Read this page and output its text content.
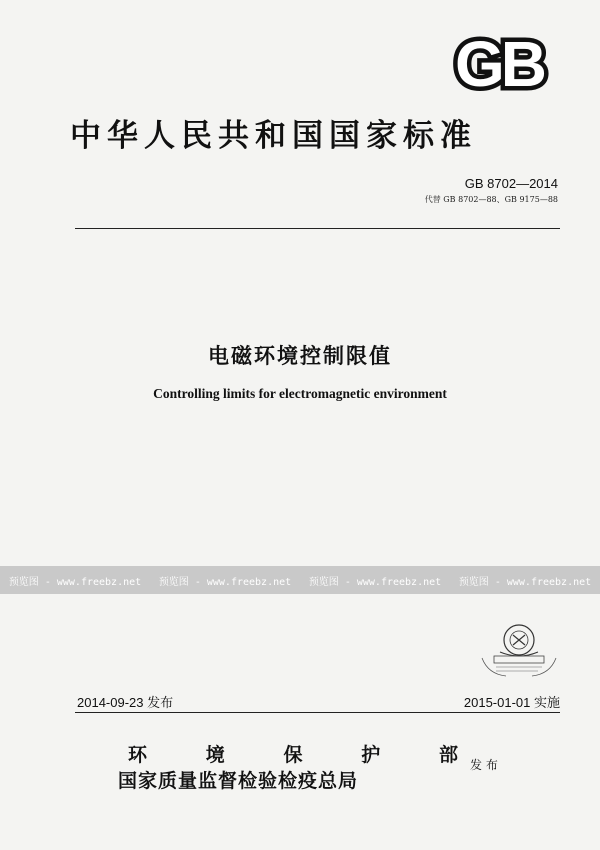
GB
中华人民共和国国家标准
GB 8702—2014
代替 GB 8702—88、GB 9175—88
电磁环境控制限值
Controlling limits for electromagnetic environment
预览图 - www.freebz.net 预览图 - www.freebz.net 预览图 - www.freebz.net 预览图 - www.freebz.net
2014-09-23 发布	2015-01-01 实施
环	境	保	护	部
国家质量监督检验检疫总局
发 布
